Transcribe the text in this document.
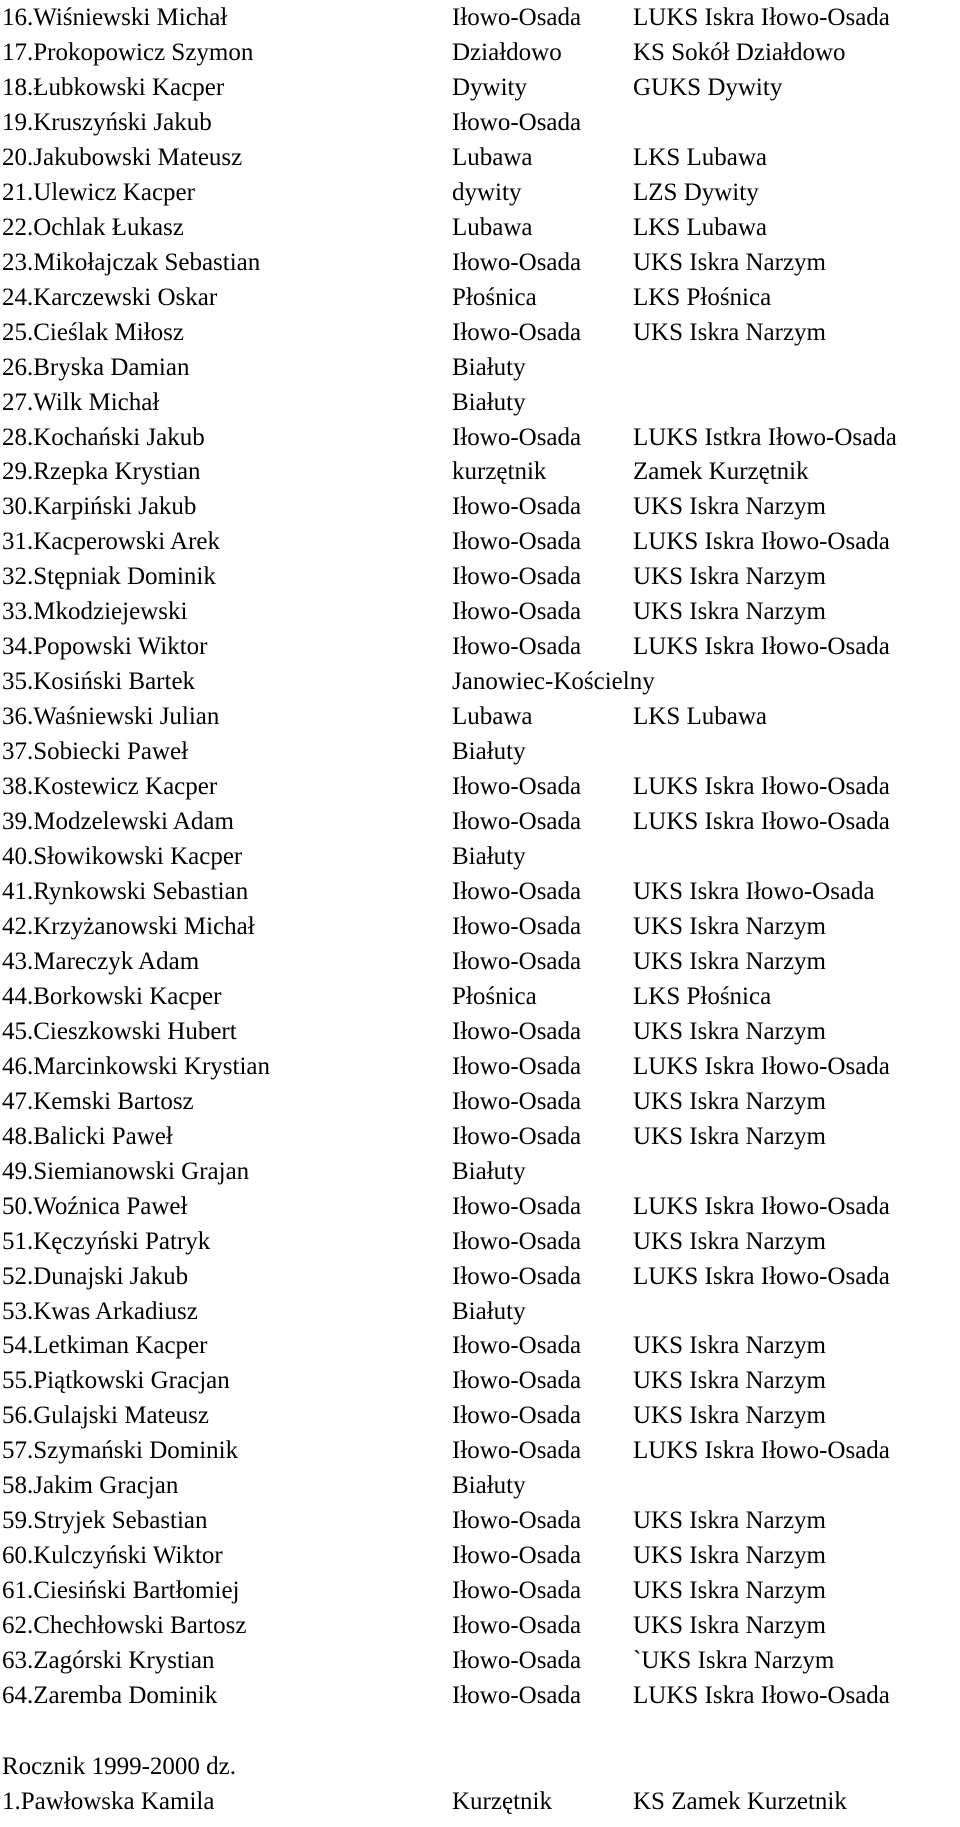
16.Wiśniewski Michał	Iłowo-Osada LUKS Iskra Iłowo-Osada
17.Prokopowicz Szymon	Działdowo	KS Sokół Działdowo
18.Łubkowski Kacper	Dywity	GUKS Dywity
19.Kruszyński Jakub	Iłowo-Osada
20.Jakubowski Mateusz	Lubawa	LKS Lubawa
21.Ulewicz Kacper	dywity	LZS Dywity
22.Ochlak Łukasz	Lubawa	LKS Lubawa
23.Mikołajczak Sebastian	Iłowo-Osada UKS Iskra Narzym
24.Karczewski Oskar	Płośnica	LKS Płośnica
25.Cieślak Miłosz	Iłowo-Osada UKS Iskra Narzym
26.Bryska Damian	Białuty
27.Wilk Michał	Białuty
28.Kochański Jakub	Iłowo-Osada LUKS Istkra Iłowo-Osada
29.Rzepka Krystian	kurzętnik	Zamek Kurzętnik
30.Karpiński Jakub	Iłowo-Osada UKS Iskra Narzym
31.Kacperowski Arek	Iłowo-Osada LUKS Iskra Iłowo-Osada
32.Stępniak Dominik	Iłowo-Osada UKS Iskra Narzym
33.Mkodziejewski	Iłowo-Osada UKS Iskra Narzym
34.Popowski Wiktor	Iłowo-Osada LUKS Iskra Iłowo-Osada
35.Kosiński Bartek	Janowiec-Kościelny
36.Waśniewski Julian	Lubawa	LKS Lubawa
37.Sobiecki Paweł	Białuty
38.Kostewicz Kacper	Iłowo-Osada LUKS Iskra Iłowo-Osada
39.Modzelewski Adam	Iłowo-Osada LUKS Iskra Iłowo-Osada
40.Słowikowski Kacper	Białuty
41.Rynkowski Sebastian	Iłowo-Osada UKS Iskra Iłowo-Osada
42.Krzyżanowski Michał	Iłowo-Osada UKS Iskra Narzym
43.Mareczyk Adam	Iłowo-Osada UKS Iskra Narzym
44.Borkowski Kacper	Płośnica	LKS Płośnica
45.Cieszkowski Hubert	Iłowo-Osada UKS Iskra Narzym
46.Marcinkowski Krystian	Iłowo-Osada LUKS Iskra Iłowo-Osada
47.Kemski Bartosz	Iłowo-Osada UKS Iskra Narzym
48.Balicki Paweł	Iłowo-Osada UKS Iskra Narzym
49.Siemianowski Grajan	Białuty
50.Woźnica Paweł	Iłowo-Osada LUKS Iskra Iłowo-Osada
51.Kęczyński Patryk	Iłowo-Osada UKS Iskra Narzym
52.Dunajski Jakub	Iłowo-Osada LUKS Iskra Iłowo-Osada
53.Kwas Arkadiusz	Białuty
54.Letkiman Kacper	Iłowo-Osada UKS Iskra Narzym
55.Piątkowski Gracjan	Iłowo-Osada UKS Iskra Narzym
56.Gulajski Mateusz	Iłowo-Osada UKS Iskra Narzym
57.Szymański Dominik	Iłowo-Osada LUKS Iskra Iłowo-Osada
58.Jakim Gracjan	Białuty
59.Stryjek Sebastian	Iłowo-Osada UKS Iskra Narzym
60.Kulczyński Wiktor	Iłowo-Osada UKS Iskra Narzym
61.Ciesiński Bartłomiej	Iłowo-Osada UKS Iskra Narzym
62.Chechłowski Bartosz	Iłowo-Osada UKS Iskra Narzym
63.Zagórski Krystian	Iłowo-Osada `UKS Iskra Narzym
64.Zaremba Dominik	Iłowo-Osada LUKS Iskra Iłowo-Osada
Rocznik 1999-2000 dz.
1.Pawłowska Kamila	Kurzętnik	KS Zamek Kurzetnik
